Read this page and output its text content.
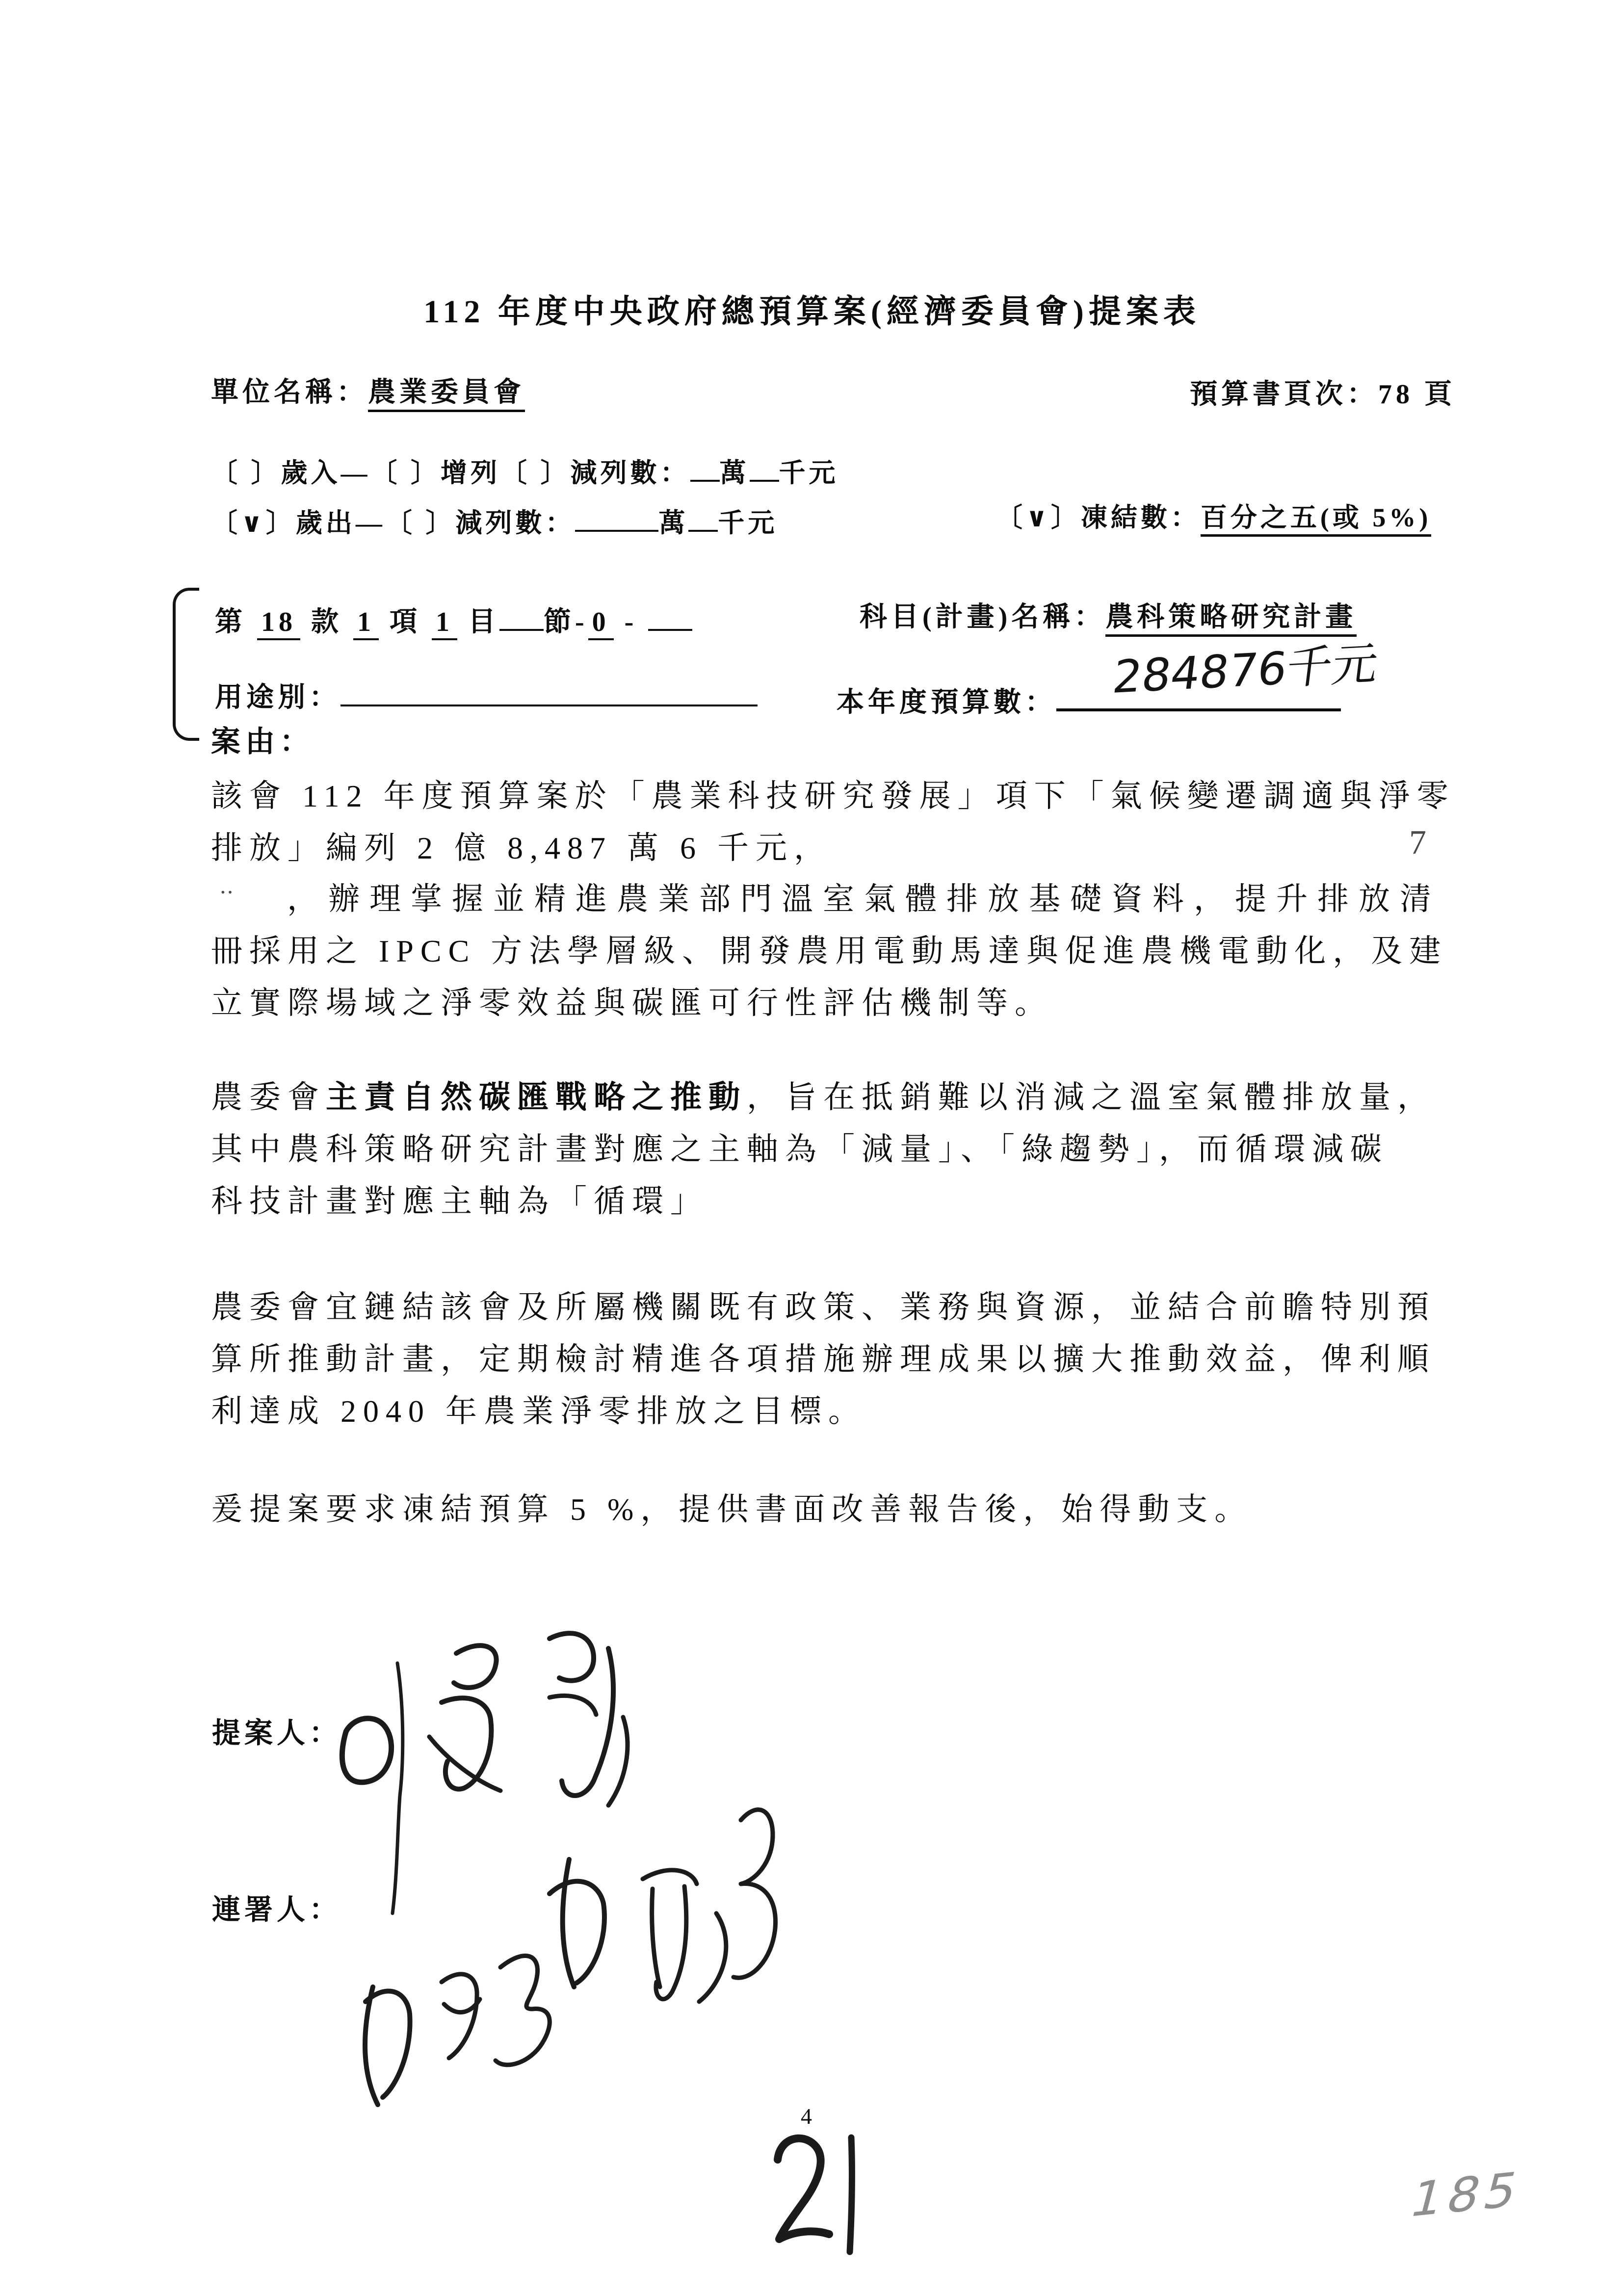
112 年度中央政府總預算案(經濟委員會)提案表
單位名稱：農業委員會	預算書頁次：78 頁
〔 〕歲入—〔 〕增列〔 〕減列數： 萬 千元
〔∨〕歲出—〔 〕減列數：	萬 千元	〔∨〕凍結數：百分之五(或 5%)
第 18 款 1 項 1 目 節- 0 -	科目(計畫)名稱：農科策略研究計畫
用途別：	本年度預算數：	284876千元
案由：
該會 112 年度預算案於「農業科技研究發展」項下「氣候變遷調適與淨零
排放」編列 2 億 8,487 萬 6 千元，	7
‥ ，辦理掌握並精進農業部門溫室氣體排放基礎資料，提升排放清
冊採用之 IPCC 方法學層級、開發農用電動馬達與促進農機電動化，及建
立實際場域之淨零效益與碳匯可行性評估機制等。
農委會主責自然碳匯戰略之推動，旨在抵銷難以消減之溫室氣體排放量，
其中農科策略研究計畫對應之主軸為「減量」、「綠趨勢」，而循環減碳
科技計畫對應主軸為「循環」
農委會宜鏈結該會及所屬機關既有政策、業務與資源，並結合前瞻特別預
算所推動計畫，定期檢討精進各項措施辦理成果以擴大推動效益，俾利順
利達成 2040 年農業淨零排放之目標。
爰提案要求凍結預算 5 %，提供書面改善報告後，始得動支。
提案人：
連署人：
4
185
